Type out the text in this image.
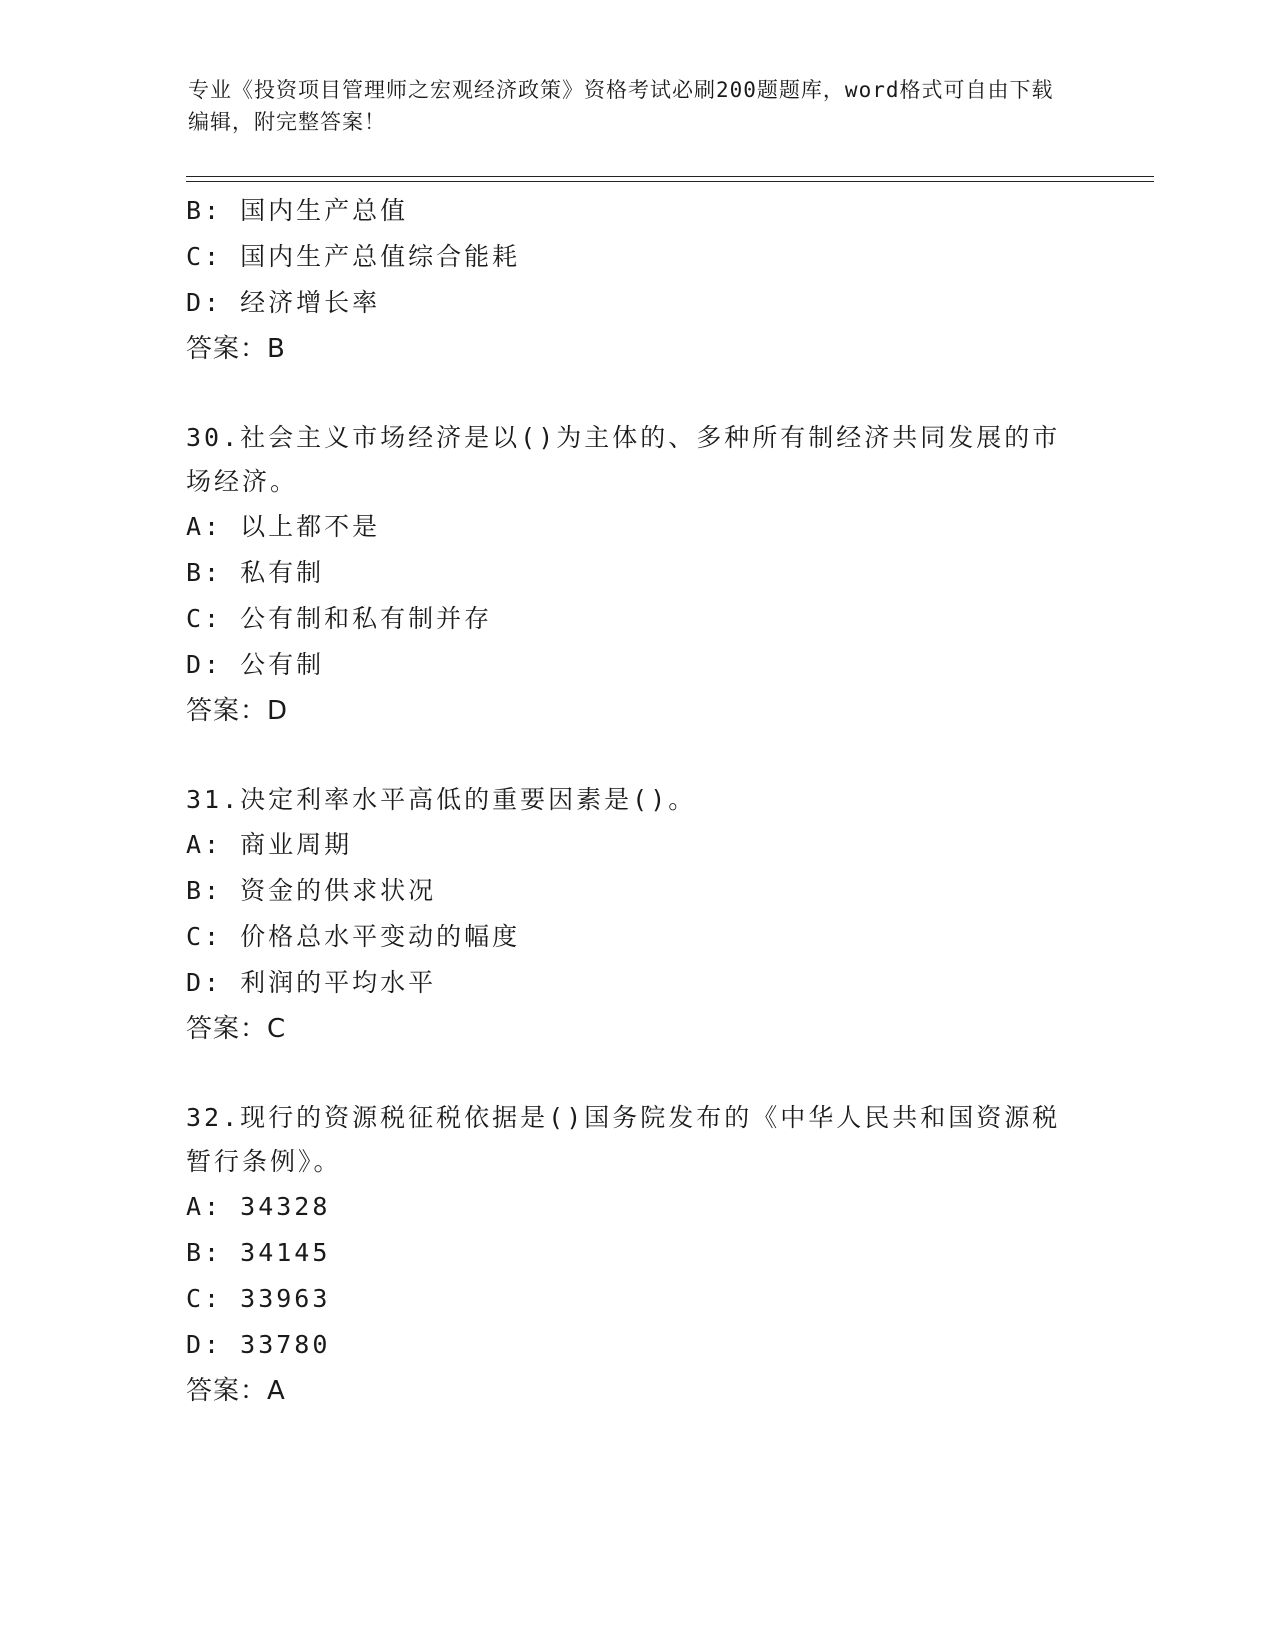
专业《投资项目管理师之宏观经济政策》资格考试必刷200题题库，word格式可自由下载编辑，附完整答案！
B: 国内生产总值
C: 国内生产总值综合能耗
D: 经济增长率
答案：B
30.社会主义市场经济是以()为主体的、多种所有制经济共同发展的市场经济。
A: 以上都不是
B: 私有制
C: 公有制和私有制并存
D: 公有制
答案：D
31.决定利率水平高低的重要因素是()。
A: 商业周期
B: 资金的供求状况
C: 价格总水平变动的幅度
D: 利润的平均水平
答案：C
32.现行的资源税征税依据是()国务院发布的《中华人民共和国资源税暂行条例》。
A: 34328
B: 34145
C: 33963
D: 33780
答案：A
